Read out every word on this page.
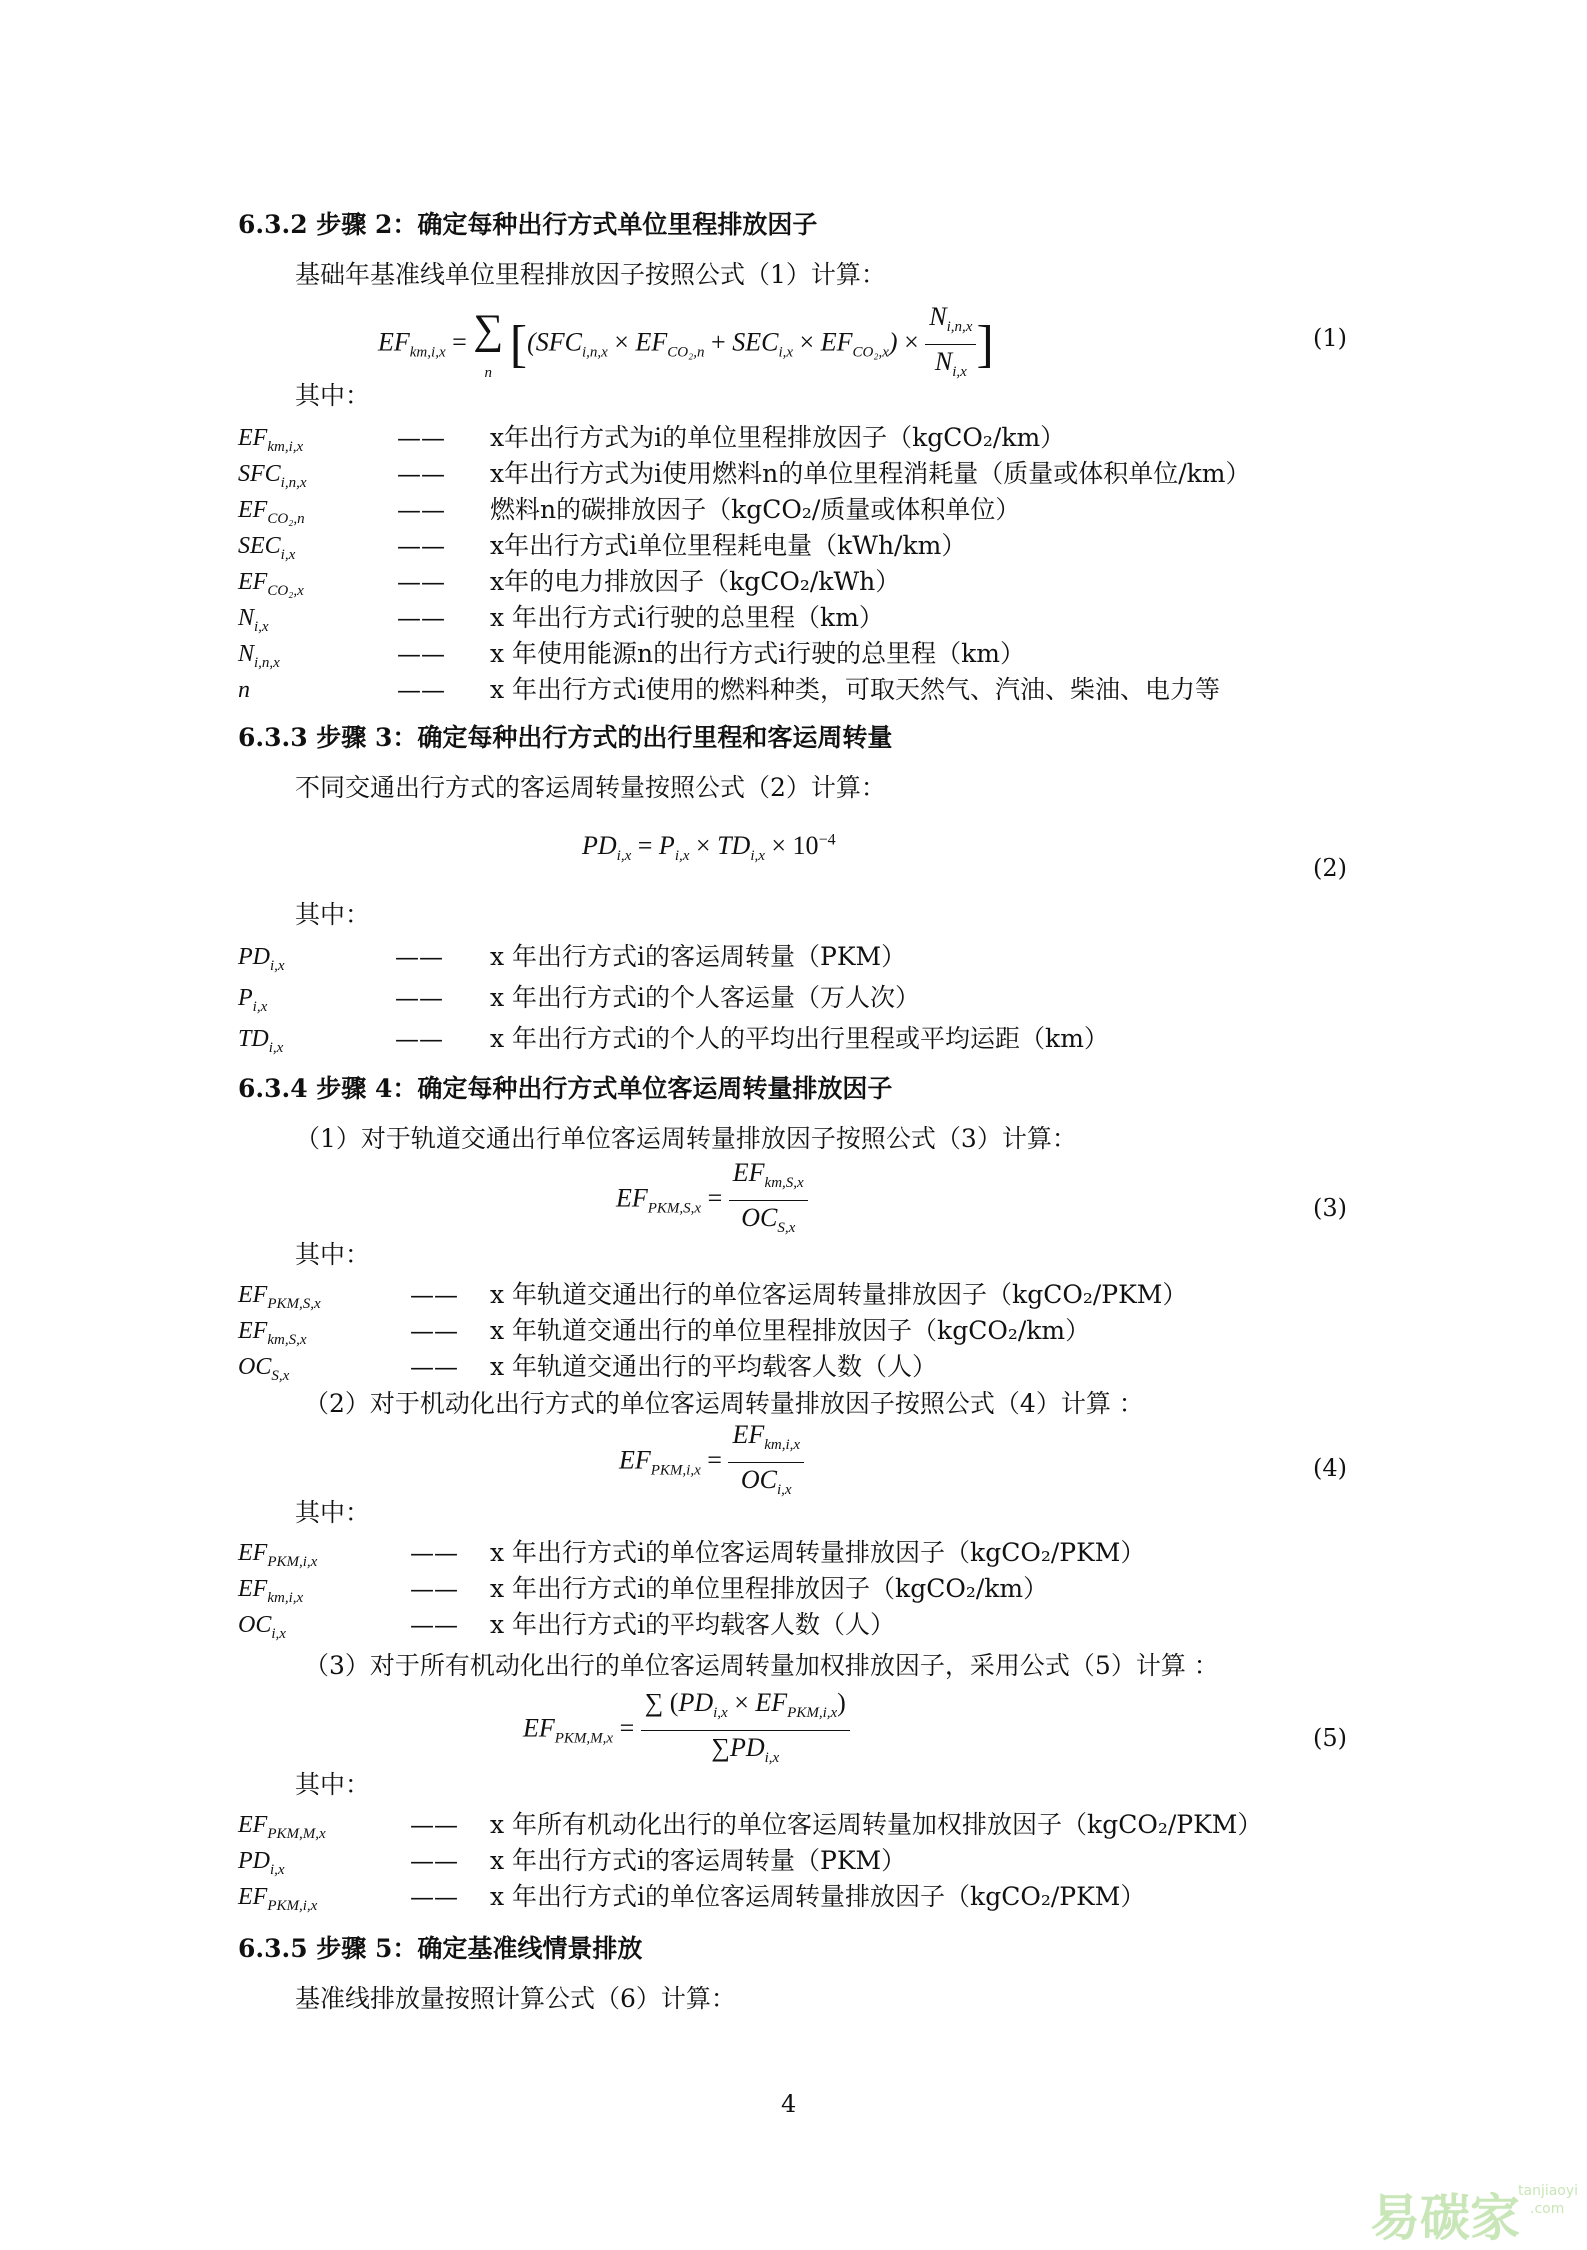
6.3.2 步骤 2：确定每种出行方式单位里程排放因子
基础年基准线单位里程排放因子按照公式（1）计算：
$EF_{km,i,x}$ = ∑
n [$(SFC_{i,n,x} \times EF_{CO_2,n} + SEC_{i,x} \times EF_{CO_2,x}) \times \frac{N_{i,n,x}}{N_{i,x}}$ ]	(1)
其中：
$EF_{km,i,x}$	—— x年出行方式为i的单位里程排放因子（kgCO₂/km）
$SFC_{i,n,x}$	—— x年出行方式为i使用燃料n的单位里程消耗量（质量或体积单位/km）
$EF_{CO_2,n}$	—— 燃料n的碳排放因子（kgCO₂/质量或体积单位）
$SEC_{i,x}$	—— x年出行方式i单位里程耗电量（kWh/km）
$EF_{CO_2,x}$	—— x年的电力排放因子（kgCO₂/kWh）
$N_{i,x}$	—— x 年出行方式i行驶的总里程（km）
$N_{i,n,x}$	—— x 年使用能源n的出行方式i行驶的总里程（km）
n	—— x 年出行方式i使用的燃料种类，可取天然气、汽油、柴油、电力等
6.3.3 步骤 3：确定每种出行方式的出行里程和客运周转量
不同交通出行方式的客运周转量按照公式（2）计算：
$PD_{i,x} = P_{i,x} \times TD_{i,x} \times 10^{-4}$
(2)
其中：
$PD_{i,x}$	—— x 年出行方式i的客运周转量（PKM）
$P_{i,x}$	—— x 年出行方式i的个人客运量（万人次）
$TD_{i,x}$	—— x 年出行方式i的个人的平均出行里程或平均运距（km）
6.3.4 步骤 4：确定每种出行方式单位客运周转量排放因子
（1）对于轨道交通出行单位客运周转量排放因子按照公式（3）计算：
$EF_{PKM,S,x} = \frac{EF_{km,S,x}}{OC_{S,x}}$	(3)
其中：
$EF_{PKM,S,x}$	—— x 年轨道交通出行的单位客运周转量排放因子（kgCO₂/PKM）
$EF_{km,S,x}$	—— x 年轨道交通出行的单位里程排放因子（kgCO₂/km）
$OC_{S,x}$	—— x 年轨道交通出行的平均载客人数（人）
（2）对于机动化出行方式的单位客运周转量排放因子按照公式（4）计算 ：
$EF_{PKM,i,x} = \frac{EF_{km,i,x}}{OC_{i,x}}$	(4)
其中：
$EF_{PKM,i,x}$	—— x 年出行方式i的单位客运周转量排放因子（kgCO₂/PKM）
$EF_{km,i,x}$	—— x 年出行方式i的单位里程排放因子（kgCO₂/km）
$OC_{i,x}$	—— x 年出行方式i的平均载客人数（人）
（3）对于所有机动化出行的单位客运周转量加权排放因子，采用公式（5）计算 ：
$EF_{PKM,M,x} = \frac{\sum (PD_{i,x} \times EF_{PKM,i,x})}{\sum PD_{i,x}}$	(5)
其中：
$EF_{PKM,M,x}$	—— x 年所有机动化出行的单位客运周转量加权排放因子（kgCO₂/PKM）
$PD_{i,x}$	—— x 年出行方式i的客运周转量（PKM）
$EF_{PKM,i,x}$	—— x 年出行方式i的单位客运周转量排放因子（kgCO₂/PKM）
6.3.5 步骤 5：确定基准线情景排放
基准线排放量按照计算公式（6）计算：
4
易碳家
tanjiaoyi
.com
